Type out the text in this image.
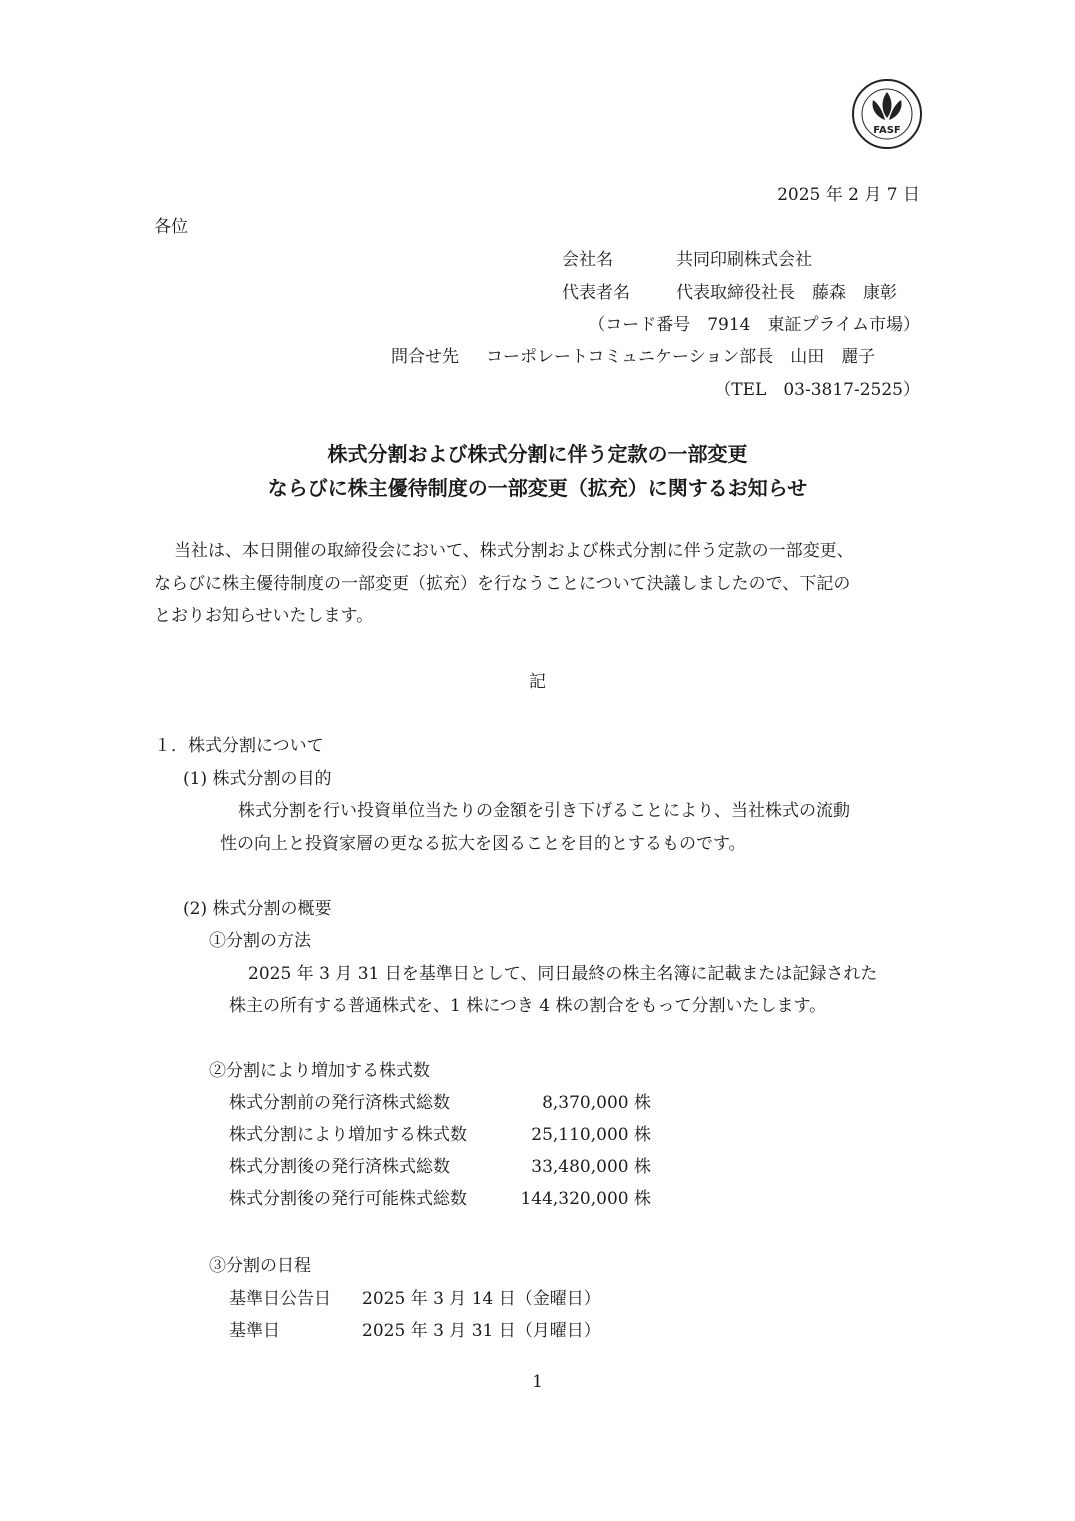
FASF
2025 年 2 月 7 日
各位
会社名	共同印刷株式会社
代表者名	代表取締役社長　藤森　康彰
（コード番号　7914　東証プライム市場）
問合せ先 コーポレートコミュニケーション部長　山田　麗子
（TEL　03-3817-2525）
株式分割および株式分割に伴う定款の一部変更
ならびに株主優待制度の一部変更（拡充）に関するお知らせ
当社は、本日開催の取締役会において、株式分割および株式分割に伴う定款の一部変更、
ならびに株主優待制度の一部変更（拡充）を行なうことについて決議しましたので、下記の
とおりお知らせいたします。
記
１．株式分割について
(1) 株式分割の目的
株式分割を行い投資単位当たりの金額を引き下げることにより、当社株式の流動
性の向上と投資家層の更なる拡大を図ることを目的とするものです。
(2) 株式分割の概要
①分割の方法
2025 年 3 月 31 日を基準日として、同日最終の株主名簿に記載または記録された
株主の所有する普通株式を、1 株につき 4 株の割合をもって分割いたします。
②分割により増加する株式数
株式分割前の発行済株式総数	8,370,000 株
株式分割により増加する株式数	25,110,000 株
株式分割後の発行済株式総数	33,480,000 株
株式分割後の発行可能株式総数	144,320,000 株
③分割の日程
基準日公告日	2025 年 3 月 14 日（金曜日）
基準日	2025 年 3 月 31 日（月曜日）
1
